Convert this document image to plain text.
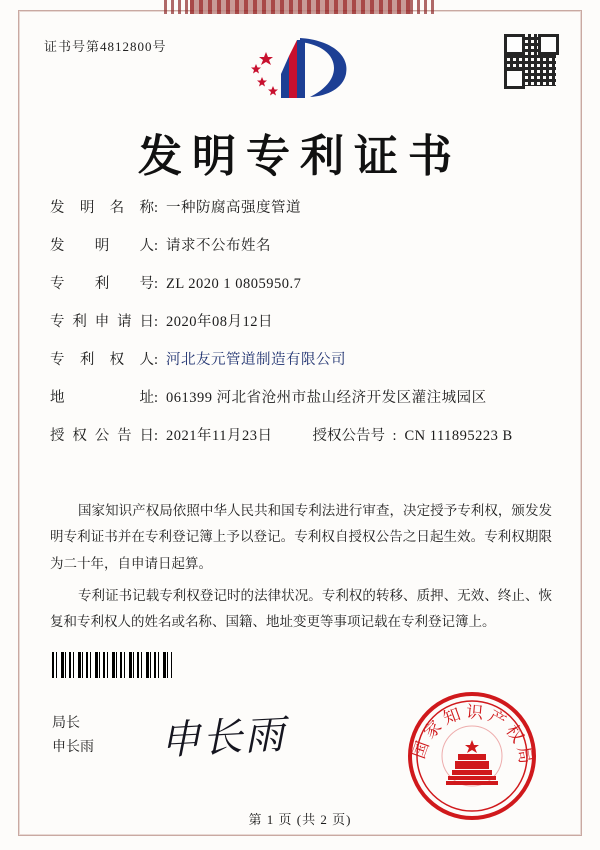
证书号第4812800号
发明专利证书
发 明 名 称 : 一种防腐高强度管道
发 明 人 : 请求不公布姓名
专 利 号 : ZL 2020 1 0805950.7
专 利 申 请 日 : 2020年08月12日
专 利 权 人 : 河北友元管道制造有限公司
地	址 : 061399 河北省沧州市盐山经济开发区灌注城园区
授 权 公 告 日 : 2021年11月23日	授权公告号 : CN 111895223 B

国家知识产权局依照中华人民共和国专利法进行审查，决定授予专利权，颁发发明专利证书并在专利登记簿上予以登记。专利权自授权公告之日起生效。专利权期限为二十年，自申请日起算。

专利证书记载专利权登记时的法律状况。专利权的转移、质押、无效、终止、恢复和专利权人的姓名或名称、国籍、地址变更等事项记载在专利登记簿上。

局长
申长雨 申长雨	国家知识产权局
第 1 页 (共 2 页)
